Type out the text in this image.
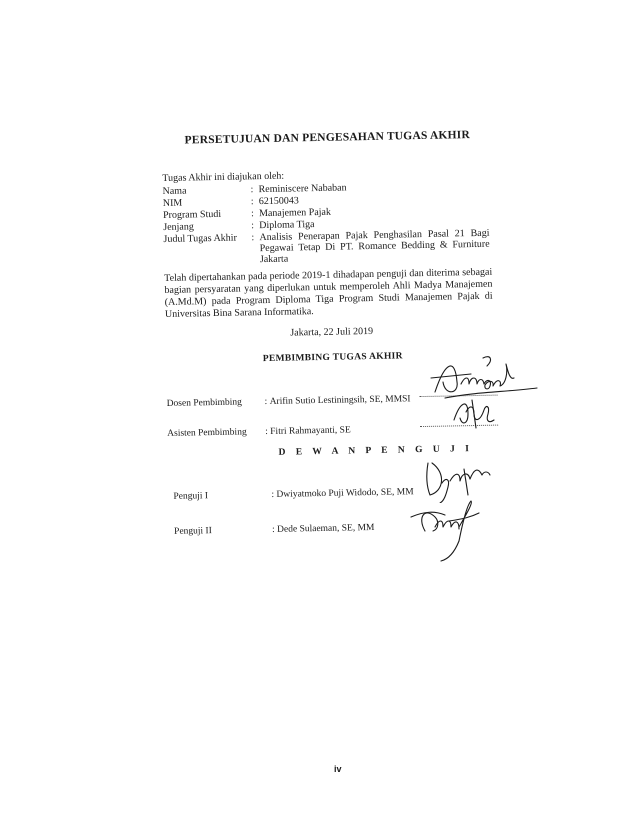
PERSETUJUAN DAN PENGESAHAN TUGAS AKHIR
Tugas Akhir ini diajukan oleh:
Nama	: Reminiscere Nababan
NIM	: 62150043
Program Studi	: Manajemen Pajak
Jenjang	: Diploma Tiga
Judul Tugas Akhir : Analisis Penerapan Pajak Penghasilan Pasal 21 Bagi Pegawai Tetap Di PT. Romance Bedding & Furniture Jakarta
Telah dipertahankan pada periode 2019-1 dihadapan penguji dan diterima sebagai bagian persyaratan yang diperlukan untuk memperoleh Ahli Madya Manajemen (A.Md.M) pada Program Diploma Tiga Program Studi Manajemen Pajak di Universitas Bina Sarana Informatika.
Jakarta, 22 Juli 2019
PEMBIMBING TUGAS AKHIR
Dosen Pembimbing : Arifin Sutio Lestiningsih, SE, MMSI
Asisten Pembimbing : Fitri Rahmayanti, SE
D E W A N P E N G U J I
Penguji I	: Dwiyatmoko Puji Widodo, SE, MM
Penguji II	: Dede Sulaeman, SE, MM
iv
